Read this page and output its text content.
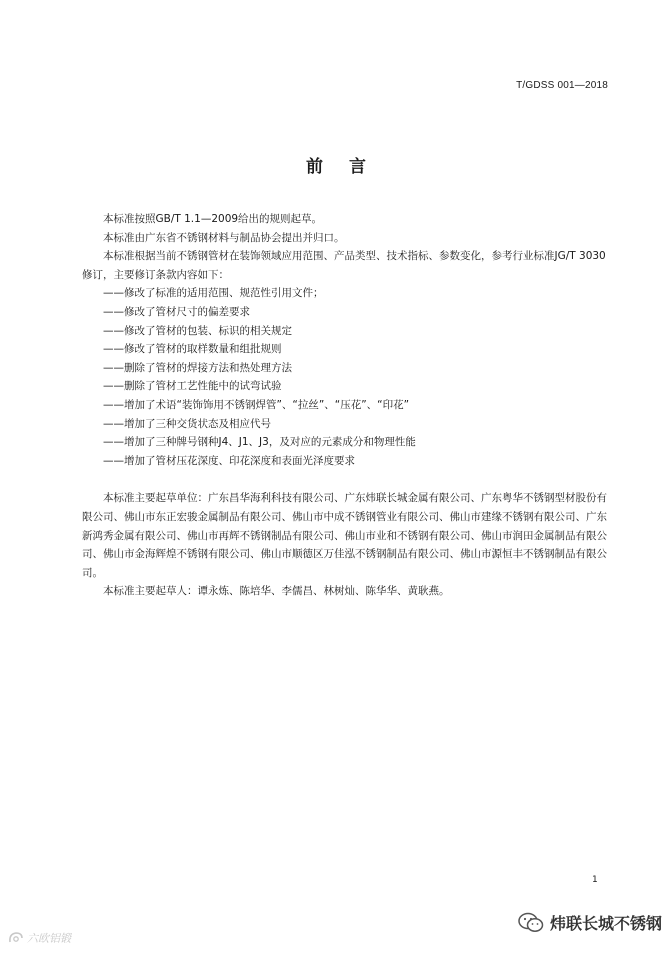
T/GDSS 001—2018
前言

本标准按照GB/T 1.1—2009给出的规则起草。

本标准由广东省不锈钢材料与制品协会提出并归口。

本标准根据当前不锈钢管材在装饰领域应用范围、产品类型、技术指标、参数变化，参考行业标准JG/T 3030修订，主要修订条款内容如下：

——修改了标准的适用范围、规范性引用文件；
——修改了管材尺寸的偏差要求
——修改了管材的包装、标识的相关规定
——修改了管材的取样数量和组批规则
——删除了管材的焊接方法和热处理方法
——删除了管材工艺性能中的试弯试验
——增加了术语“装饰饰用不锈钢焊管”、“拉丝”、“压花”、“印花”
——增加了三种交货状态及相应代号
——增加了三种牌号钢种J4、J1、J3，及对应的元素成分和物理性能
——增加了管材压花深度、印花深度和表面光泽度要求

本标准主要起草单位：广东昌华海利科技有限公司、广东炜联长城金属有限公司、广东粤华不锈钢型材股份有限公司、佛山市东正宏骏金属制品有限公司、佛山市中成不锈钢管业有限公司、佛山市建缘不锈钢有限公司、广东新鸿秀金属有限公司、佛山市再辉不锈钢制品有限公司、佛山市业和不锈钢有限公司、佛山市润田金属制品有限公司、佛山市金海辉煌不锈钢有限公司、佛山市顺德区万佳泓不锈钢制品有限公司、佛山市源恒丰不锈钢制品有限公司。

本标准主要起草人：谭永炼、陈培华、李儒昌、林树灿、陈华华、黄耿燕。

1
六欧铝锻
炜联长城不锈钢
